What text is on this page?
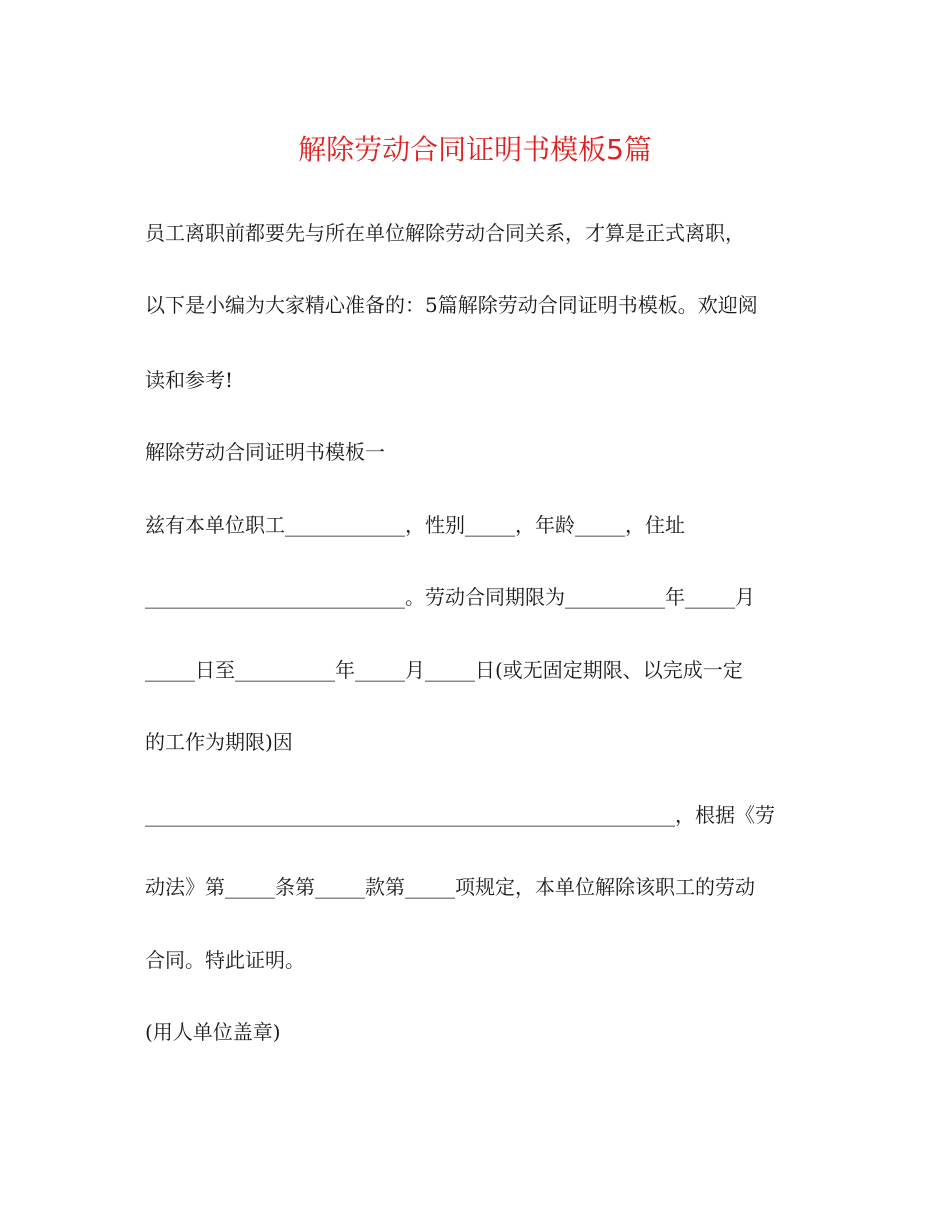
解除劳动合同证明书模板5篇
员工离职前都要先与所在单位解除劳动合同关系，才算是正式离职，
以下是小编为大家精心准备的：5篇解除劳动合同证明书模板。欢迎阅
读和参考!
解除劳动合同证明书模板一
兹有本单位职工____________，性别_____，年龄_____，住址
__________________________。劳动合同期限为__________年_____月
_____日至__________年_____月_____日(或无固定期限、以完成一定
的工作为期限)因
_____________________________________________________，根据《劳
动法》第_____条第_____款第_____项规定，本单位解除该职工的劳动
合同。特此证明。
(用人单位盖章)
